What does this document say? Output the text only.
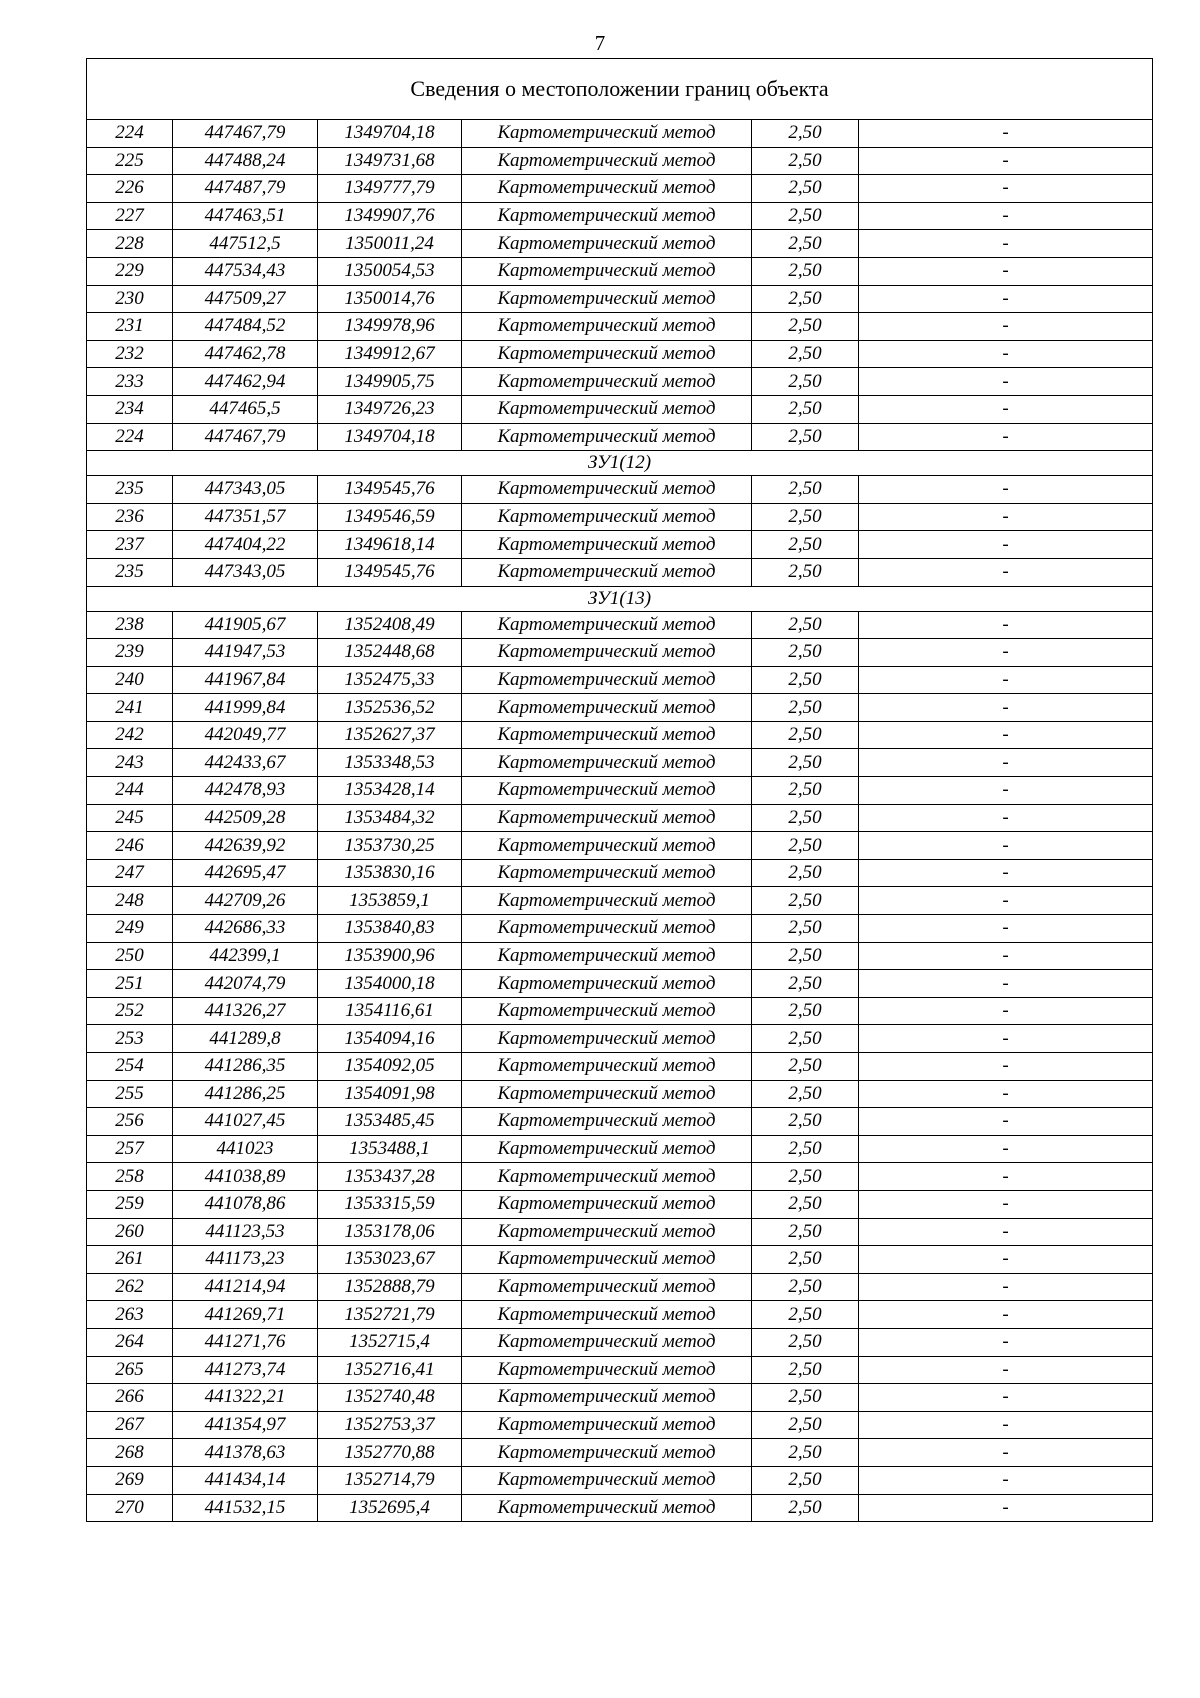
7
Сведения о местоположении границ объекта					
224	447467,79	1349704,18	Картометрический метод	2,50	-
225	447488,24	1349731,68	Картометрический метод	2,50	-
226	447487,79	1349777,79	Картометрический метод	2,50	-
227	447463,51	1349907,76	Картометрический метод	2,50	-
228	447512,5	1350011,24	Картометрический метод	2,50	-
229	447534,43	1350054,53	Картометрический метод	2,50	-
230	447509,27	1350014,76	Картометрический метод	2,50	-
231	447484,52	1349978,96	Картометрический метод	2,50	-
232	447462,78	1349912,67	Картометрический метод	2,50	-
233	447462,94	1349905,75	Картометрический метод	2,50	-
234	447465,5	1349726,23	Картометрический метод	2,50	-
224	447467,79	1349704,18	Картометрический метод	2,50	-
ЗУ1(12)					
235	447343,05	1349545,76	Картометрический метод	2,50	-
236	447351,57	1349546,59	Картометрический метод	2,50	-
237	447404,22	1349618,14	Картометрический метод	2,50	-
235	447343,05	1349545,76	Картометрический метод	2,50	-
ЗУ1(13)					
238	441905,67	1352408,49	Картометрический метод	2,50	-
239	441947,53	1352448,68	Картометрический метод	2,50	-
240	441967,84	1352475,33	Картометрический метод	2,50	-
241	441999,84	1352536,52	Картометрический метод	2,50	-
242	442049,77	1352627,37	Картометрический метод	2,50	-
243	442433,67	1353348,53	Картометрический метод	2,50	-
244	442478,93	1353428,14	Картометрический метод	2,50	-
245	442509,28	1353484,32	Картометрический метод	2,50	-
246	442639,92	1353730,25	Картометрический метод	2,50	-
247	442695,47	1353830,16	Картометрический метод	2,50	-
248	442709,26	1353859,1	Картометрический метод	2,50	-
249	442686,33	1353840,83	Картометрический метод	2,50	-
250	442399,1	1353900,96	Картометрический метод	2,50	-
251	442074,79	1354000,18	Картометрический метод	2,50	-
252	441326,27	1354116,61	Картометрический метод	2,50	-
253	441289,8	1354094,16	Картометрический метод	2,50	-
254	441286,35	1354092,05	Картометрический метод	2,50	-
255	441286,25	1354091,98	Картометрический метод	2,50	-
256	441027,45	1353485,45	Картометрический метод	2,50	-
257	441023	1353488,1	Картометрический метод	2,50	-
258	441038,89	1353437,28	Картометрический метод	2,50	-
259	441078,86	1353315,59	Картометрический метод	2,50	-
260	441123,53	1353178,06	Картометрический метод	2,50	-
261	441173,23	1353023,67	Картометрический метод	2,50	-
262	441214,94	1352888,79	Картометрический метод	2,50	-
263	441269,71	1352721,79	Картометрический метод	2,50	-
264	441271,76	1352715,4	Картометрический метод	2,50	-
265	441273,74	1352716,41	Картометрический метод	2,50	-
266	441322,21	1352740,48	Картометрический метод	2,50	-
267	441354,97	1352753,37	Картометрический метод	2,50	-
268	441378,63	1352770,88	Картометрический метод	2,50	-
269	441434,14	1352714,79	Картометрический метод	2,50	-
270	441532,15	1352695,4	Картометрический метод	2,50	-
